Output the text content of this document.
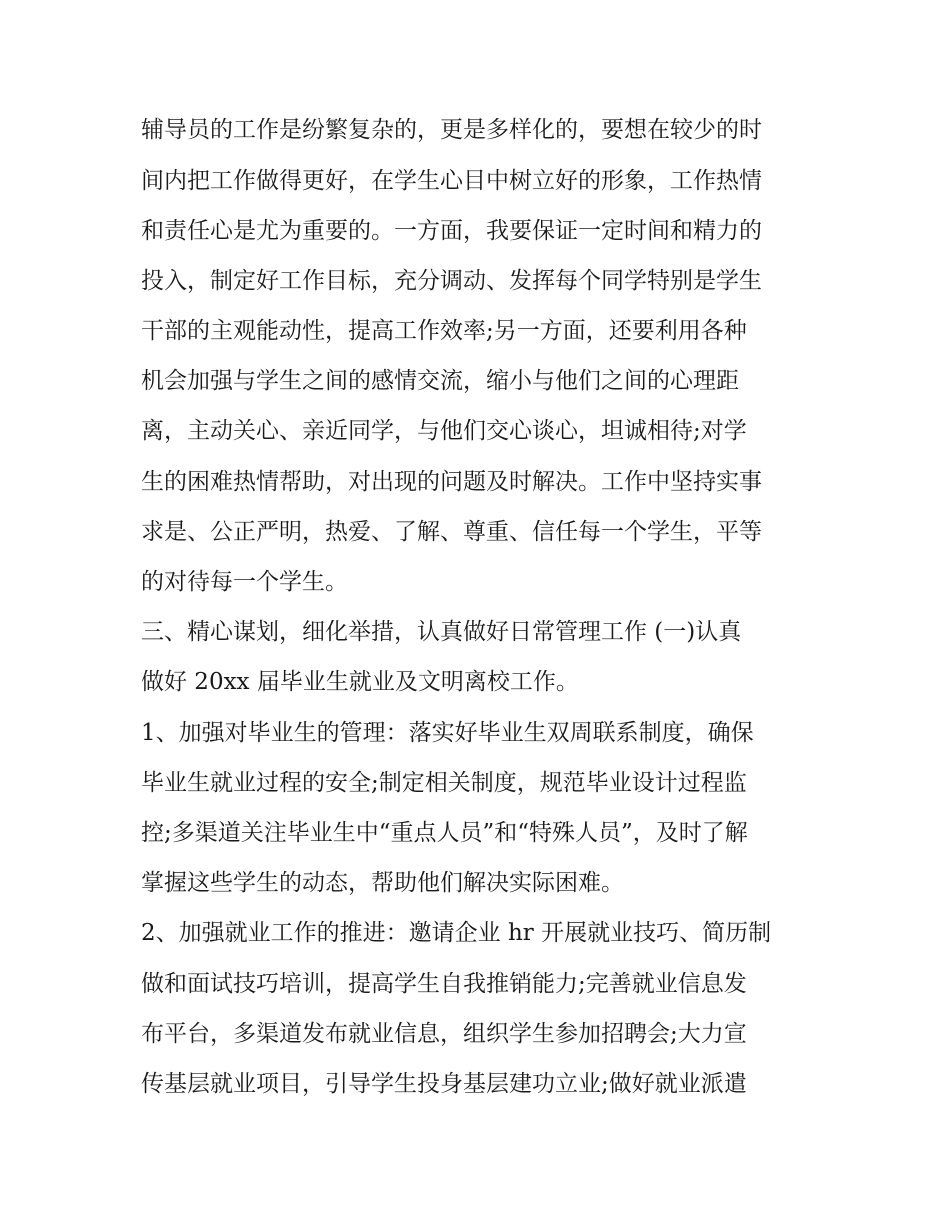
辅导员的工作是纷繁复杂的，更是多样化的，要想在较少的时
间内把工作做得更好，在学生心目中树立好的形象，工作热情
和责任心是尤为重要的。一方面，我要保证一定时间和精力的
投入，制定好工作目标，充分调动、发挥每个同学特别是学生
干部的主观能动性，提高工作效率;另一方面，还要利用各种
机会加强与学生之间的感情交流，缩小与他们之间的心理距
离，主动关心、亲近同学，与他们交心谈心，坦诚相待;对学
生的困难热情帮助，对出现的问题及时解决。工作中坚持实事
求是、公正严明，热爱、了解、尊重、信任每一个学生，平等
的对待每一个学生。
三、精心谋划，细化举措，认真做好日常管理工作 (一)认真
做好 20xx 届毕业生就业及文明离校工作。
1、加强对毕业生的管理：落实好毕业生双周联系制度，确保
毕业生就业过程的安全;制定相关制度，规范毕业设计过程监
控;多渠道关注毕业生中“重点人员”和“特殊人员”，及时了解
掌握这些学生的动态，帮助他们解决实际困难。
2、加强就业工作的推进：邀请企业 hr 开展就业技巧、简历制
做和面试技巧培训，提高学生自我推销能力;完善就业信息发
布平台，多渠道发布就业信息，组织学生参加招聘会;大力宣
传基层就业项目，引导学生投身基层建功立业;做好就业派遣
